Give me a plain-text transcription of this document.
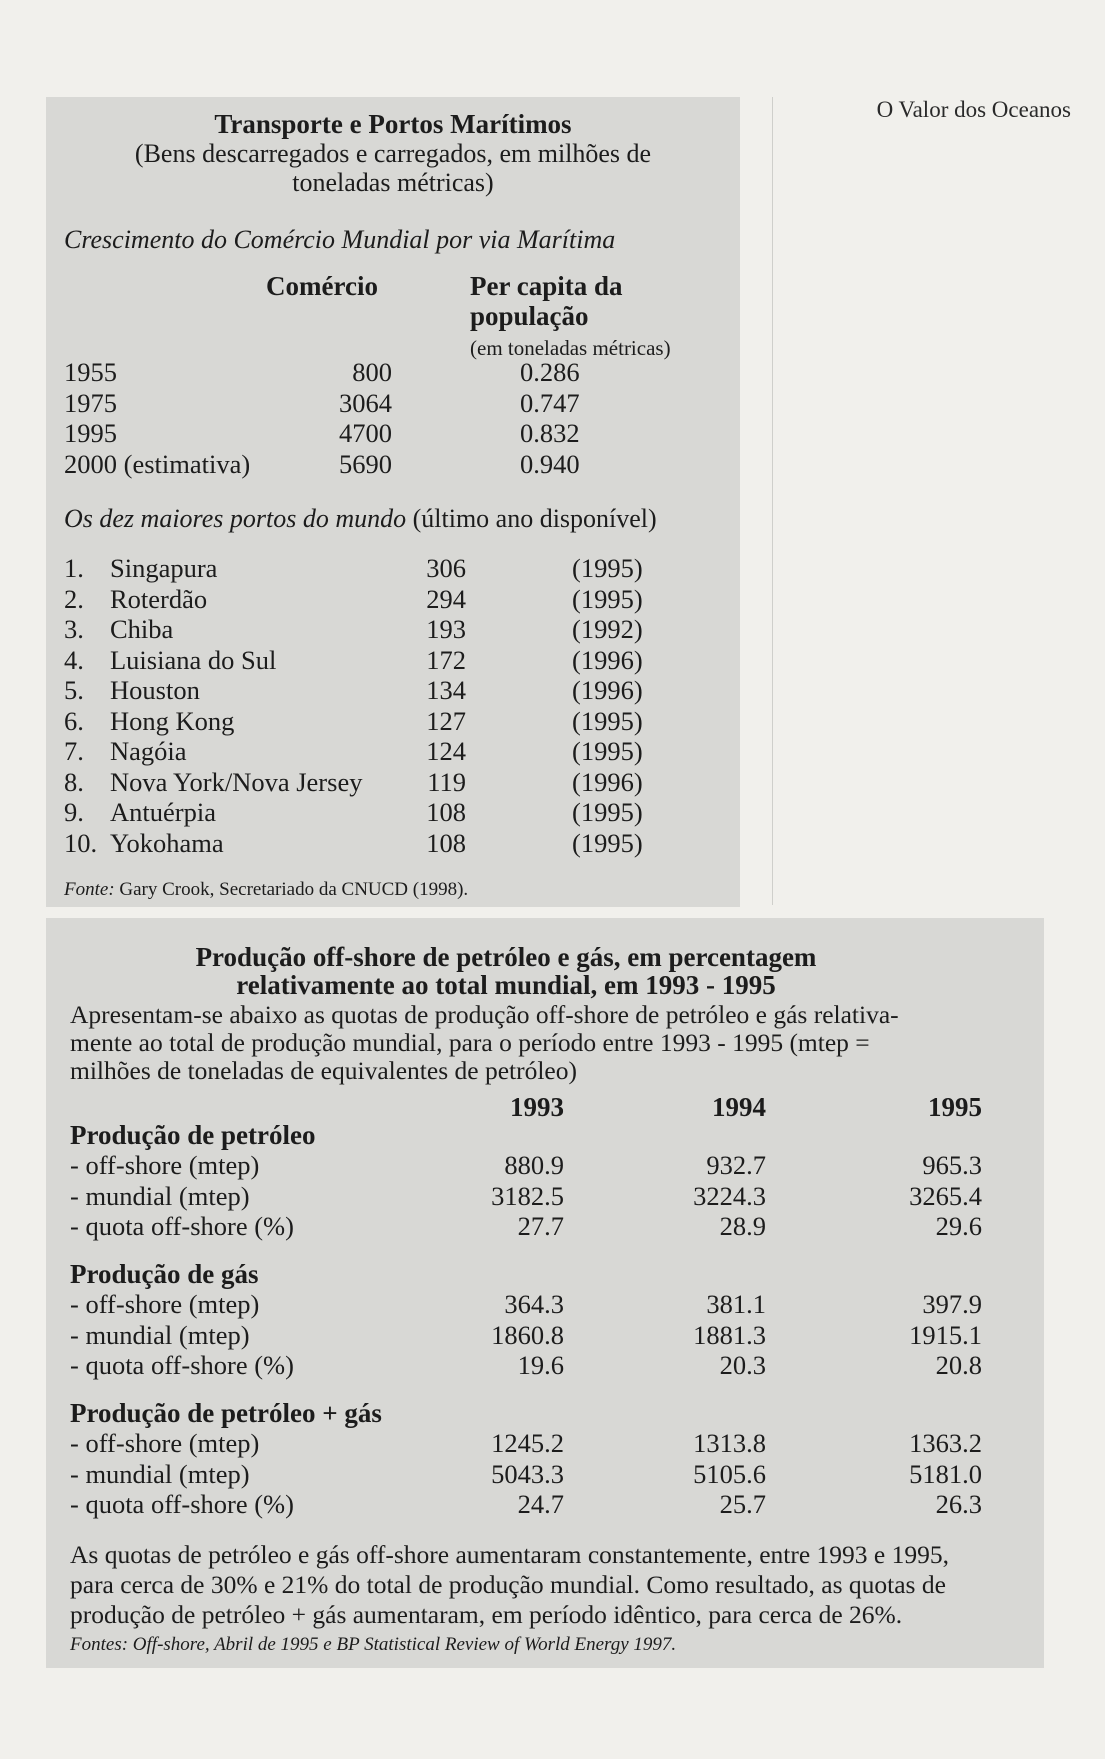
O Valor dos Oceanos
Transporte e Portos Marítimos
(Bens descarregados e carregados, em milhões de
toneladas métricas)
Crescimento do Comércio Mundial por via Marítima
Comércio	Per capita da
população
(em toneladas métricas)
1955	800	0.286
1975	3064	0.747
1995	4700	0.832
2000 (estimativa)	5690	0.940
Os dez maiores portos do mundo (último ano disponível)
1. Singapura	306	(1995)
2. Roterdão	294	(1995)
3. Chiba	193	(1992)
4. Luisiana do Sul	172	(1996)
5. Houston	134	(1996)
6. Hong Kong	127	(1995)
7. Nagóia	124	(1995)
8. Nova York/Nova Jersey	119	(1996)
9. Antuérpia	108	(1995)
10. Yokohama	108	(1995)
Fonte: Gary Crook, Secretariado da CNUCD (1998).
Produção off-shore de petróleo e gás, em percentagem
relativamente ao total mundial, em 1993 - 1995
Apresentam-se abaixo as quotas de produção off-shore de petróleo e gás relativa-
mente ao total de produção mundial, para o período entre 1993 - 1995 (mtep =
milhões de toneladas de equivalentes de petróleo)
1993	1994	1995
Produção de petróleo
- off-shore (mtep)	880.9	932.7	965.3
- mundial (mtep)	3182.5	3224.3	3265.4
- quota off-shore (%)	27.7	28.9	29.6
Produção de gás
- off-shore (mtep)	364.3	381.1	397.9
- mundial (mtep)	1860.8	1881.3	1915.1
- quota off-shore (%)	19.6	20.3	20.8
Produção de petróleo + gás
- off-shore (mtep)	1245.2	1313.8	1363.2
- mundial (mtep)	5043.3	5105.6	5181.0
- quota off-shore (%)	24.7	25.7	26.3
As quotas de petróleo e gás off-shore aumentaram constantemente, entre 1993 e 1995,
para cerca de 30% e 21% do total de produção mundial. Como resultado, as quotas de
produção de petróleo + gás aumentaram, em período idêntico, para cerca de 26%.
Fontes: Off-shore, Abril de 1995 e BP Statistical Review of World Energy 1997.
